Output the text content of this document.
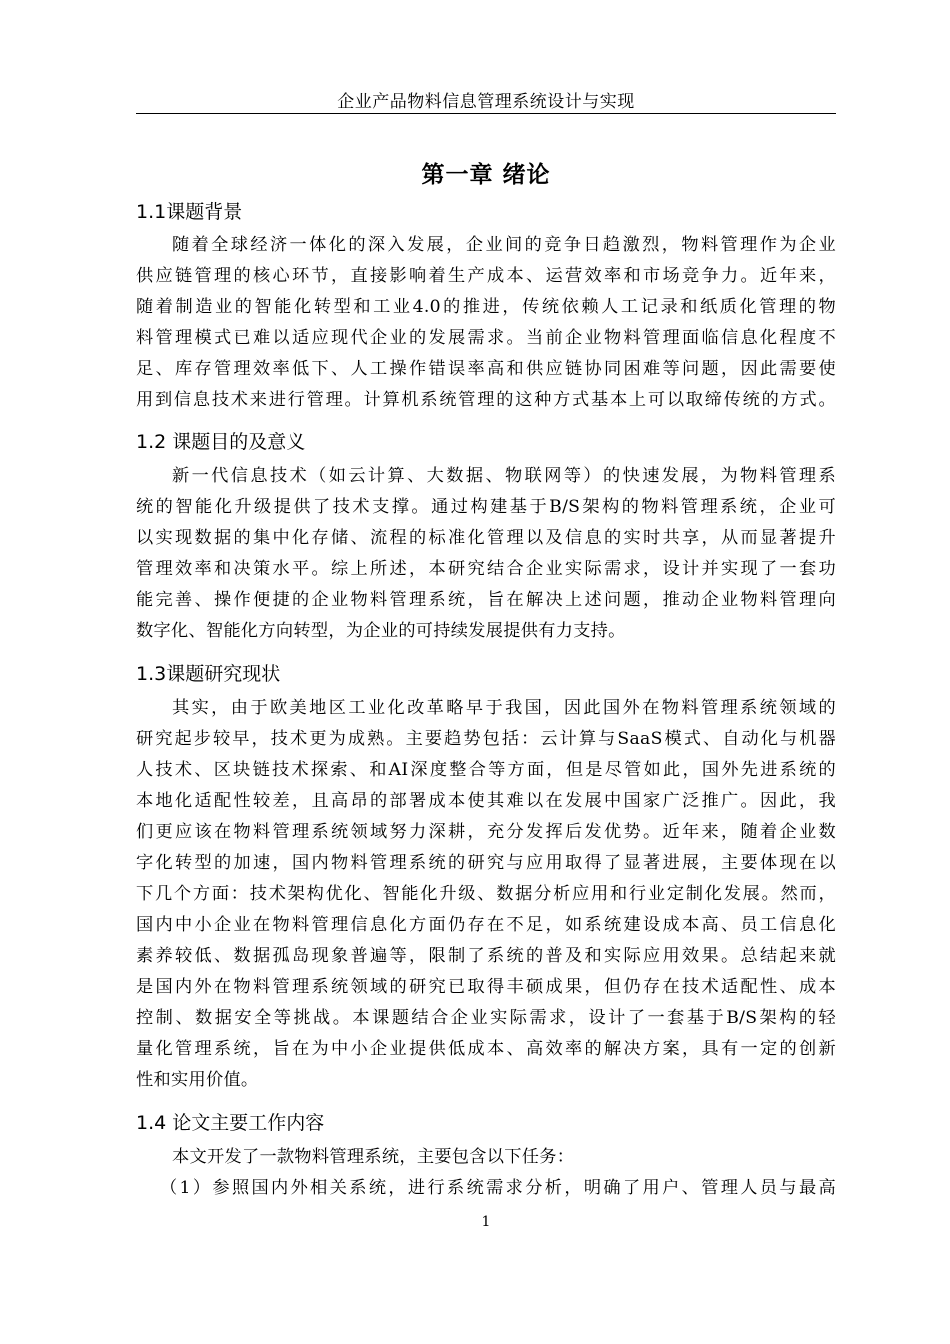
企业产品物料信息管理系统设计与实现
第一章 绪论
1.1课题背景
随着全球经济一体化的深入发展，企业间的竞争日趋激烈，物料管理作为企业
供应链管理的核心环节，直接影响着生产成本、运营效率和市场竞争力。近年来，
随着制造业的智能化转型和工业4.0的推进，传统依赖人工记录和纸质化管理的物
料管理模式已难以适应现代企业的发展需求。当前企业物料管理面临信息化程度不
足、库存管理效率低下、人工操作错误率高和供应链协同困难等问题，因此需要使
用到信息技术来进行管理。计算机系统管理的这种方式基本上可以取缔传统的方式。
1.2 课题目的及意义
新一代信息技术（如云计算、大数据、物联网等）的快速发展，为物料管理系
统的智能化升级提供了技术支撑。通过构建基于B/S架构的物料管理系统，企业可
以实现数据的集中化存储、流程的标准化管理以及信息的实时共享，从而显著提升
管理效率和决策水平。综上所述，本研究结合企业实际需求，设计并实现了一套功
能完善、操作便捷的企业物料管理系统，旨在解决上述问题，推动企业物料管理向
数字化、智能化方向转型，为企业的可持续发展提供有力支持。
1.3课题研究现状
其实，由于欧美地区工业化改革略早于我国，因此国外在物料管理系统领域的
研究起步较早，技术更为成熟。主要趋势包括：云计算与SaaS模式、自动化与机器
人技术、区块链技术探索、和AI深度整合等方面，但是尽管如此，国外先进系统的
本地化适配性较差，且高昂的部署成本使其难以在发展中国家广泛推广。因此，我
们更应该在物料管理系统领域努力深耕，充分发挥后发优势。近年来，随着企业数
字化转型的加速，国内物料管理系统的研究与应用取得了显著进展，主要体现在以
下几个方面：技术架构优化、智能化升级、数据分析应用和行业定制化发展。然而，
国内中小企业在物料管理信息化方面仍存在不足，如系统建设成本高、员工信息化
素养较低、数据孤岛现象普遍等，限制了系统的普及和实际应用效果。总结起来就
是国内外在物料管理系统领域的研究已取得丰硕成果，但仍存在技术适配性、成本
控制、数据安全等挑战。本课题结合企业实际需求，设计了一套基于B/S架构的轻
量化管理系统，旨在为中小企业提供低成本、高效率的解决方案，具有一定的创新
性和实用价值。
1.4 论文主要工作内容
本文开发了一款物料管理系统，主要包含以下任务：
（1）参照国内外相关系统，进行系统需求分析，明确了用户、管理人员与最高
1
